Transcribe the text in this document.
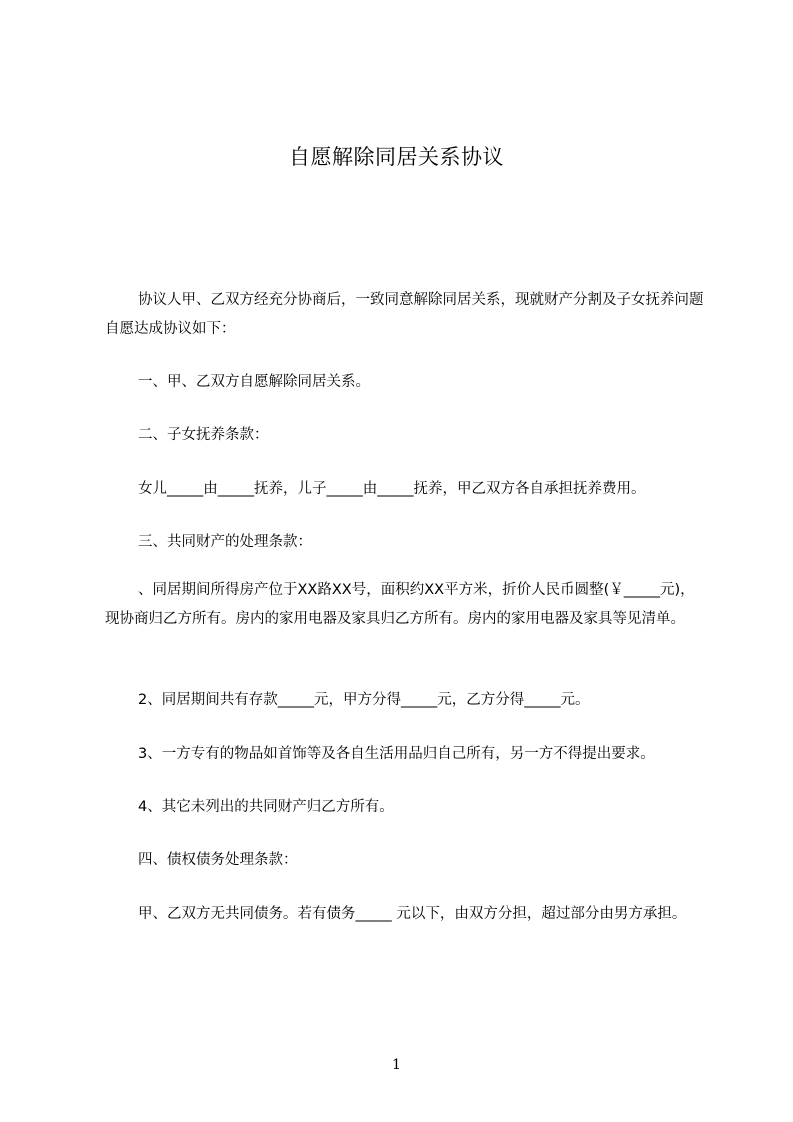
自愿解除同居关系协议
协议人甲、乙双方经充分协商后，一致同意解除同居关系，现就财产分割及子女抚养问题自愿达成协议如下：
一、甲、乙双方自愿解除同居关系。
二、子女抚养条款：
女儿_____由_____抚养，儿子_____由_____抚养，甲乙双方各自承担抚养费用。
三、共同财产的处理条款：
、同居期间所得房产位于XX路XX号，面积约XX平方米，折价人民币圆整(￥_____元)，现协商归乙方所有。房内的家用电器及家具归乙方所有。房内的家用电器及家具等见清单。
2、同居期间共有存款_____元，甲方分得_____元，乙方分得_____元。
3、一方专有的物品如首饰等及各自生活用品归自己所有，另一方不得提出要求。
4、其它未列出的共同财产归乙方所有。
四、债权债务处理条款：
甲、乙双方无共同债务。若有债务_____ 元以下，由双方分担，超过部分由男方承担。
1
